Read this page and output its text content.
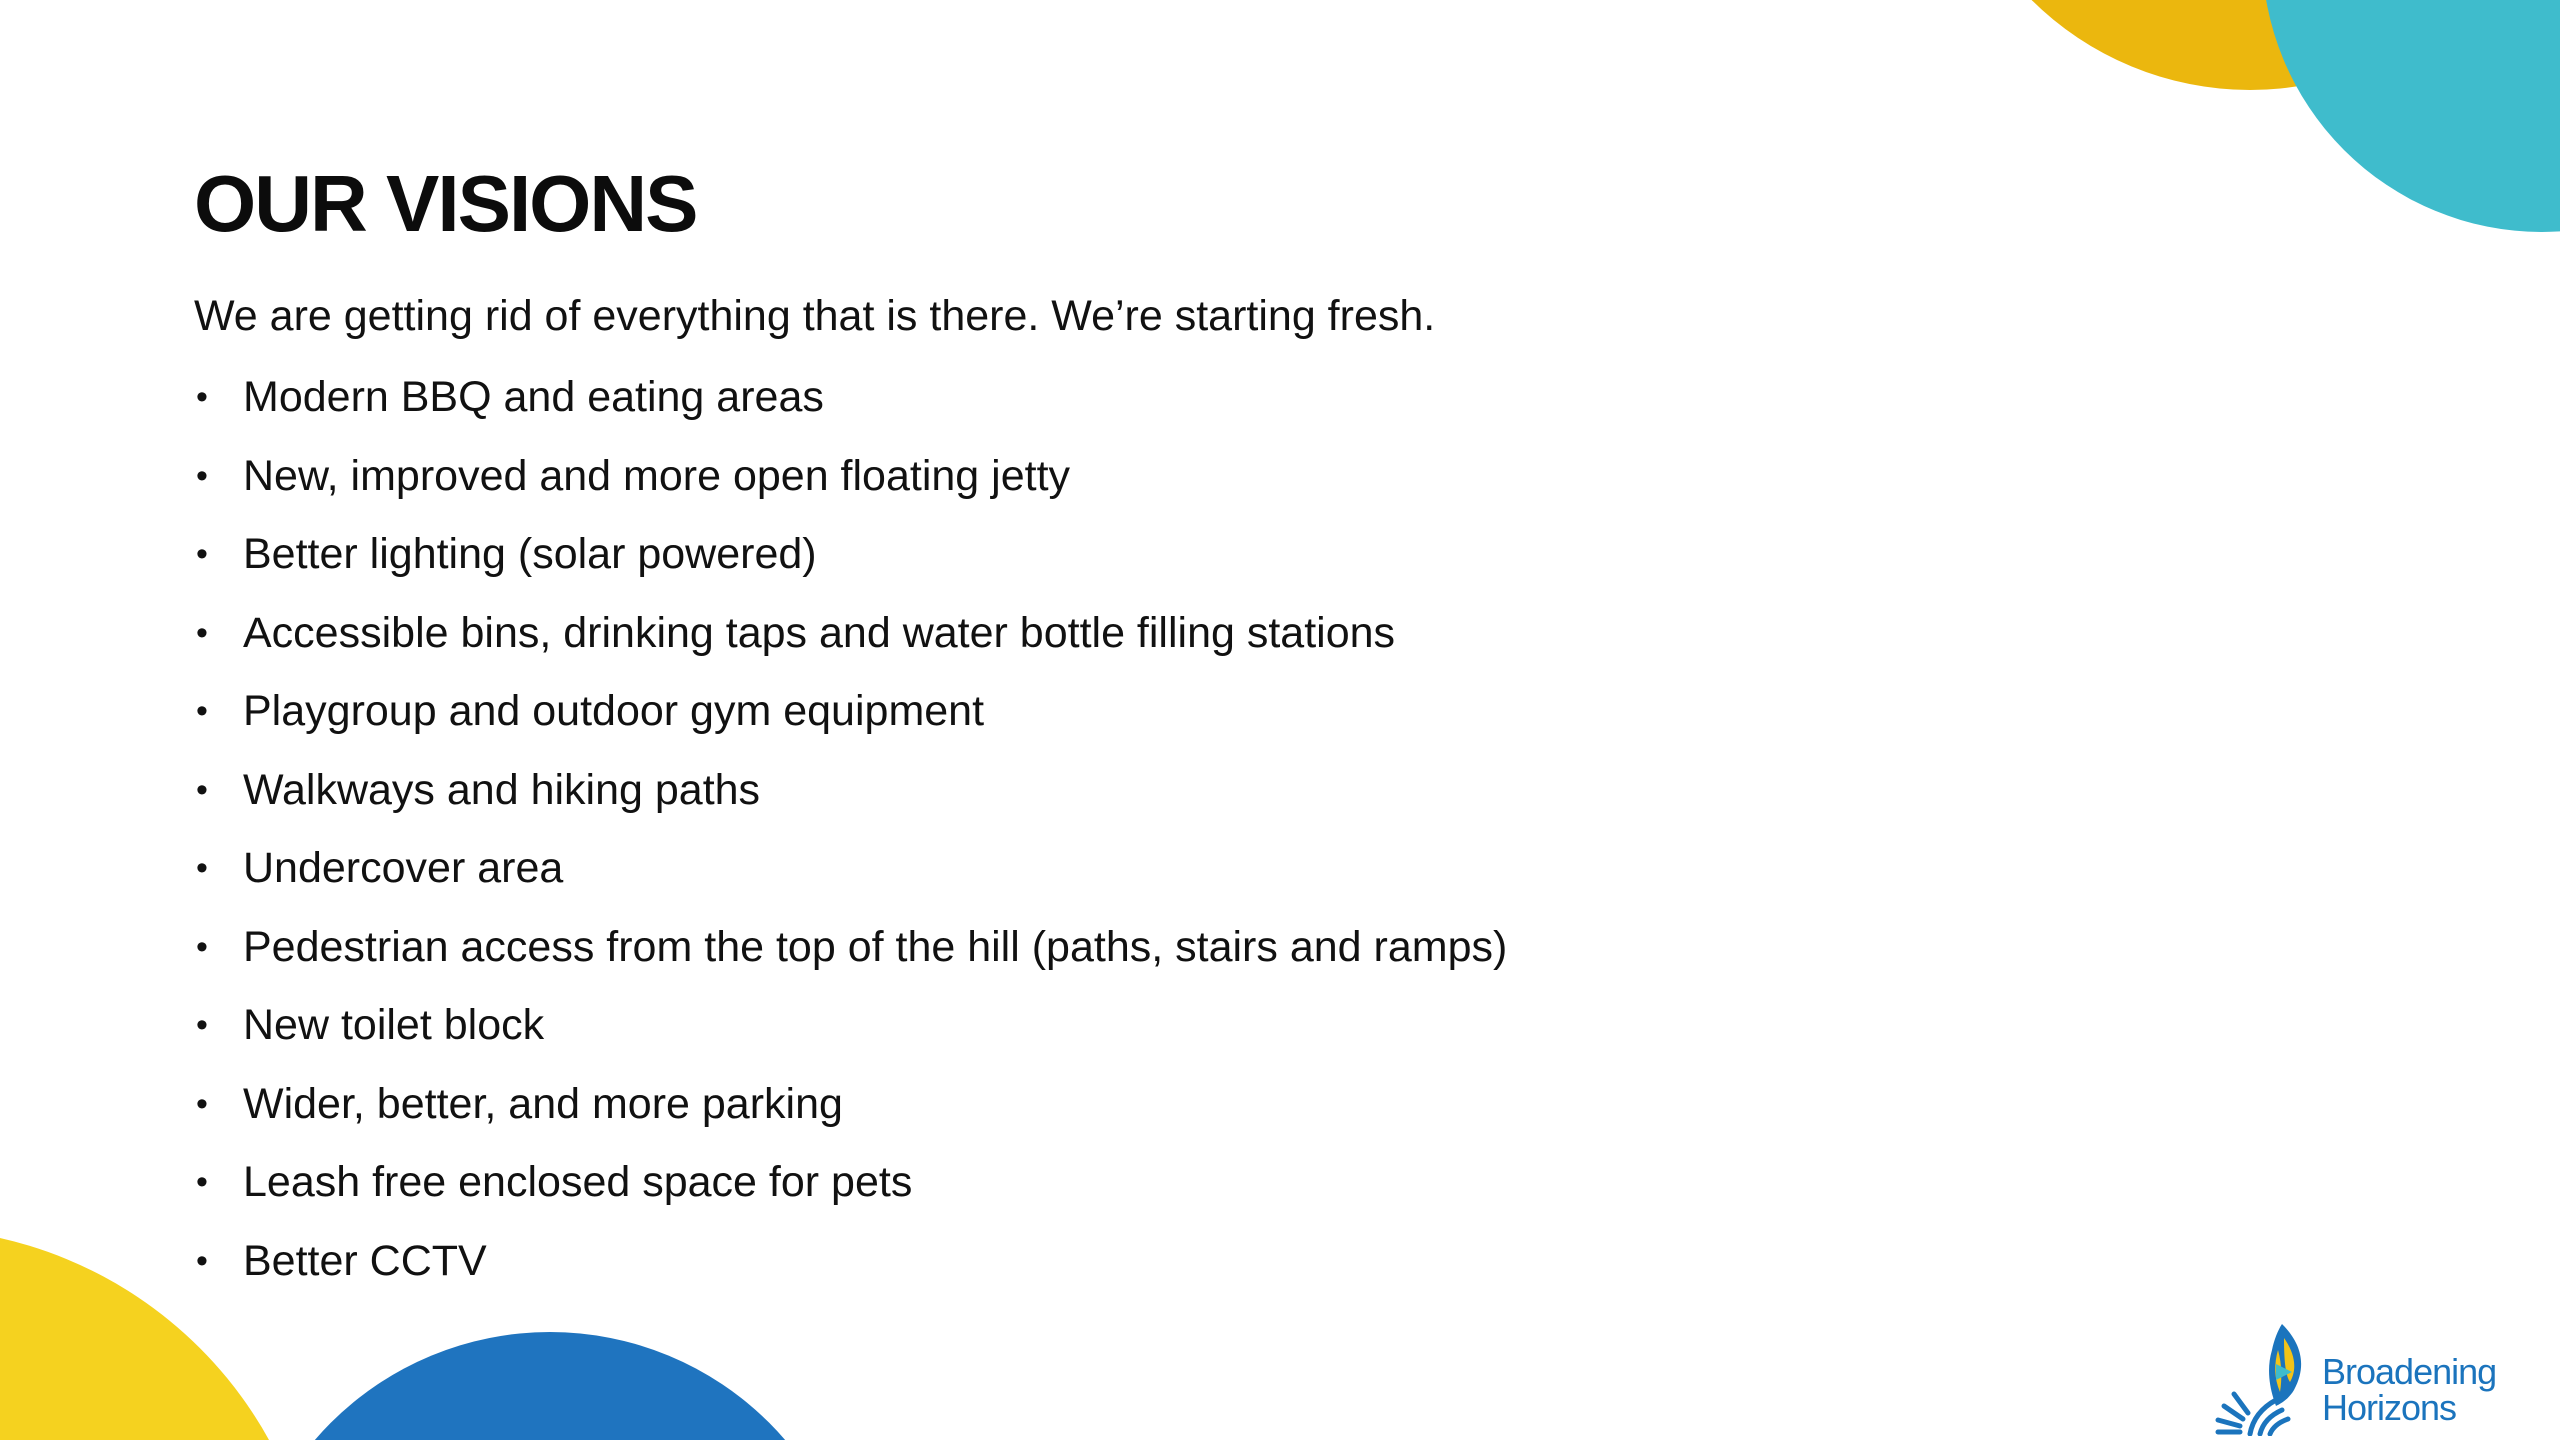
OUR VISIONS

We are getting rid of everything that is there. We’re starting fresh.

• Modern BBQ and eating areas
• New, improved and more open floating jetty
• Better lighting (solar powered)
• Accessible bins, drinking taps and water bottle filling stations
• Playgroup and outdoor gym equipment
• Walkways and hiking paths
• Undercover area
• Pedestrian access from the top of the hill (paths, stairs and ramps)
• New toilet block
• Wider, better, and more parking
• Leash free enclosed space for pets
• Better CCTV
Broadening
Horizons
